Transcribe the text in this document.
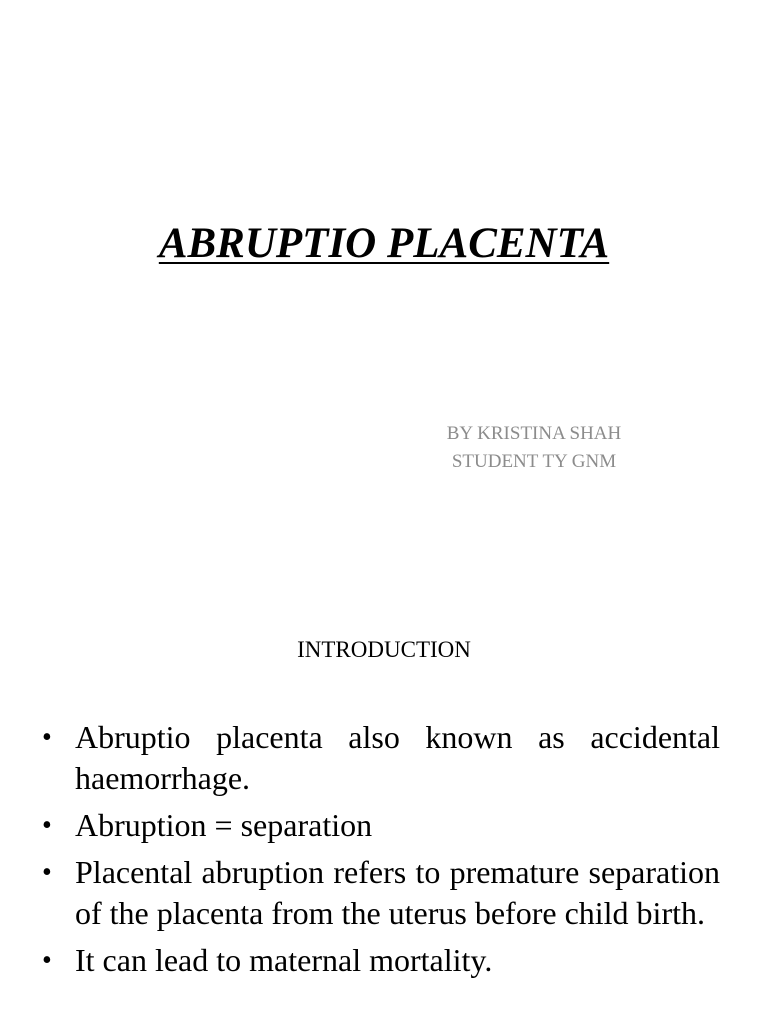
ABRUPTIO PLACENTA
BY KRISTINA SHAH
STUDENT TY GNM
INTRODUCTION
• Abruptio placenta also known as accidental haemorrhage.
• Abruption = separation
• Placental abruption refers to premature separation of the placenta from the uterus before child birth.
• It can lead to maternal mortality.
